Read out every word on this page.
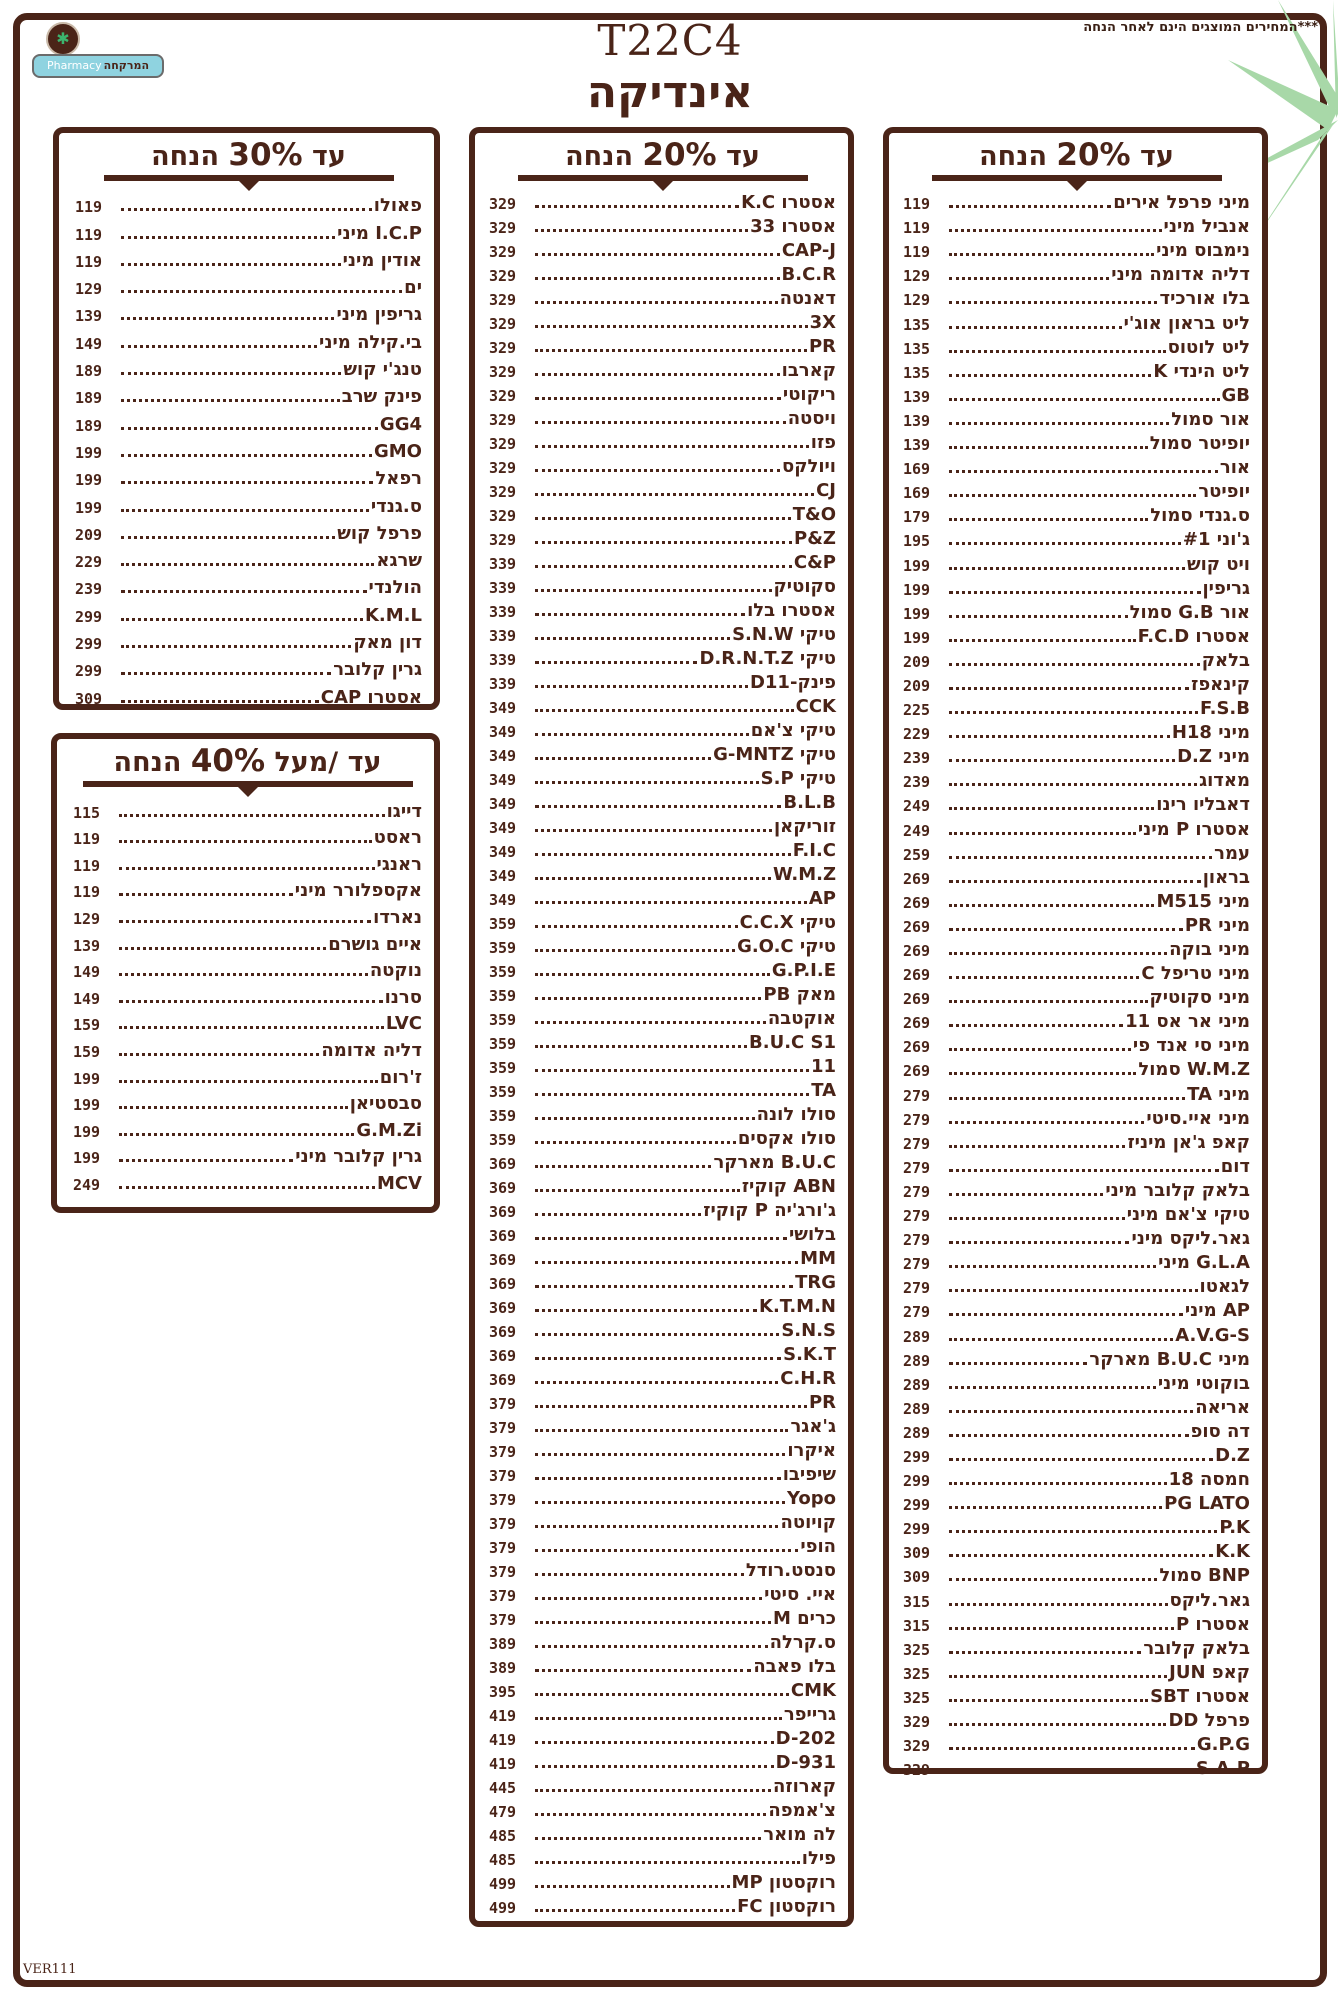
***המחירים המוצגים הינם לאחר הנחה
✱
Pharmacy המרקחה
T22C4
אינדיקה
עד 20% הנחה
מיני פרפל אירים
119
אנביל מיני
119
נימבוס מיני
119
דליה אדומה מיני
129
בלו אורכיד
129
ליט בראון אוג'י
135
ליט לוטוס
135
ליט הינדי K
135
GB
139
אור סמול
139
יופיטר סמול
139
אור
169
יופיטר
169
ס.גנדי סמול
179
ג'וני #1
195
ויט קוש
199
גריפין
199
אור G.B סמול
199
אסטרו F.C.D
199
בלאק
209
קינאפז
209
F.S.B
225
מיני H18
229
מיני D.Z
239
מאדוג
239
דאבליו רינו
249
אסטרו P מיני
249
עמר
259
בראון
269
מיני M515
269
מיני PR
269
מיני בוקה
269
מיני טריפל C
269
מיני סקוטיק
269
מיני אר אס 11
269
מיני סי אנד פי
269
W.M.Z סמול
269
מיני TA
279
מיני איי.סיטי
279
קאפ ג'אן מיניז
279
דום
279
בלאק קלובר מיני
279
טיקי צ'אם מיני
279
גאר.ליקס מיני
279
G.L.A מיני
279
לגאטו
279
AP מיני
279
A.V.G-S
289
מיני B.U.C מארקר
289
בוקוטי מיני
289
אריאה
289
דה סופ
289
D.Z
299
חמסה 18
299
PG LATO
299
P.K
299
K.K
309
BNP סמול
309
גאר.ליקס
315
אסטרו P
315
בלאק קלובר
325
קאפ JUN
325
אסטרו SBT
325
פרפל DD
329
G.P.G
329
S.A.P
329
עד 20% הנחה
אסטרו K.C
329
אסטרו 33
329
CAP-J
329
B.C.R
329
דאנטה
329
3X
329
PR
329
קארבו
329
ריקוטי
329
ויסטה
329
פזו
329
ויולקס
329
CJ
329
T&O
329
P&Z
329
C&P
339
סקוטיק
339
אסטרו בלו
339
טיקי S.N.W
339
טיקי D.R.N.T.Z
339
פינק-D11
339
CCK
349
טיקי צ'אם
349
טיקי G-MNTZ
349
טיקי S.P
349
B.L.B
349
זוריקאן
349
F.I.C
349
W.M.Z
349
AP
349
טיקי C.C.X
359
טיקי G.O.C
359
G.P.I.E
359
מאק PB
359
אוקטבה
359
B.U.C S1
359
11
359
TA
359
סולו לונה
359
סולו אקסים
359
B.U.C מארקר
369
ABN קוקיז
369
ג'ורג'יה P קוקיז
369
בלושי
369
MM
369
TRG
369
K.T.M.N
369
S.N.S
369
S.K.T
369
C.H.R
369
PR
379
ג'אגר
379
איקרו
379
שיפיבו
379
Yopo
379
קויוטה
379
הופי
379
סנסט.רודל
379
איי. סיטי
379
כרים M
379
ס.קרלה
389
בלו פאבה
389
CMK
395
גרייפר
419
D-202
419
D-931
419
קארוזה
445
צ'אמפה
479
לה מואר
485
פילו
485
רוקסטון MP
499
רוקסטון FC
499
עד 30% הנחה
פאולו
119
I.C.P מיני
119
אודין מיני
119
ים
129
גריפין מיני
139
בי.קילה מיני
149
טנג'י קוש
189
פינק שרב
189
GG4
189
GMO
199
רפאל
199
ס.גנדי
199
פרפל קוש
209
שרגא
229
הולנדי
239
K.M.L
299
דון מאק
299
גרין קלובר
299
אסטרו CAP
309
עד /מעל 40% הנחה
דייגו
115
ראסט
119
ראנגי
119
אקספלורר מיני
119
נארדו
129
איים גושרם
139
נוקטה
149
סרנו
149
LVC
159
דליה אדומה
159
ז'רום
199
סבסטיאן
199
G.M.Zi
199
גרין קלובר מיני
199
MCV
249
VER111
